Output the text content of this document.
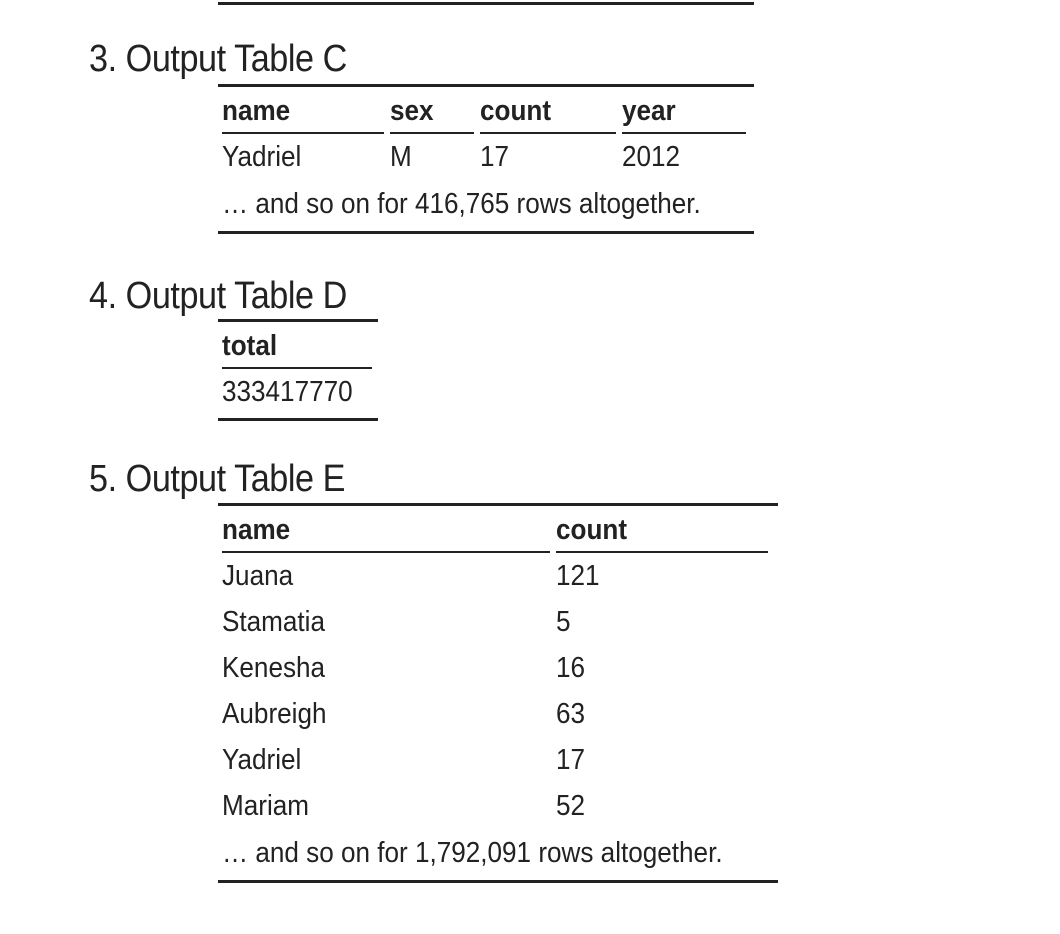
3. Output Table C
name	sex	count	year
Yadriel	M	17	2012
… and so on for 416,765 rows altogether.
4. Output Table D
total
333417770
5. Output Table E
name	count
Juana	121
Stamatia	5
Kenesha	16
Aubreigh	63
Yadriel	17
Mariam	52
… and so on for 1,792,091 rows altogether.
